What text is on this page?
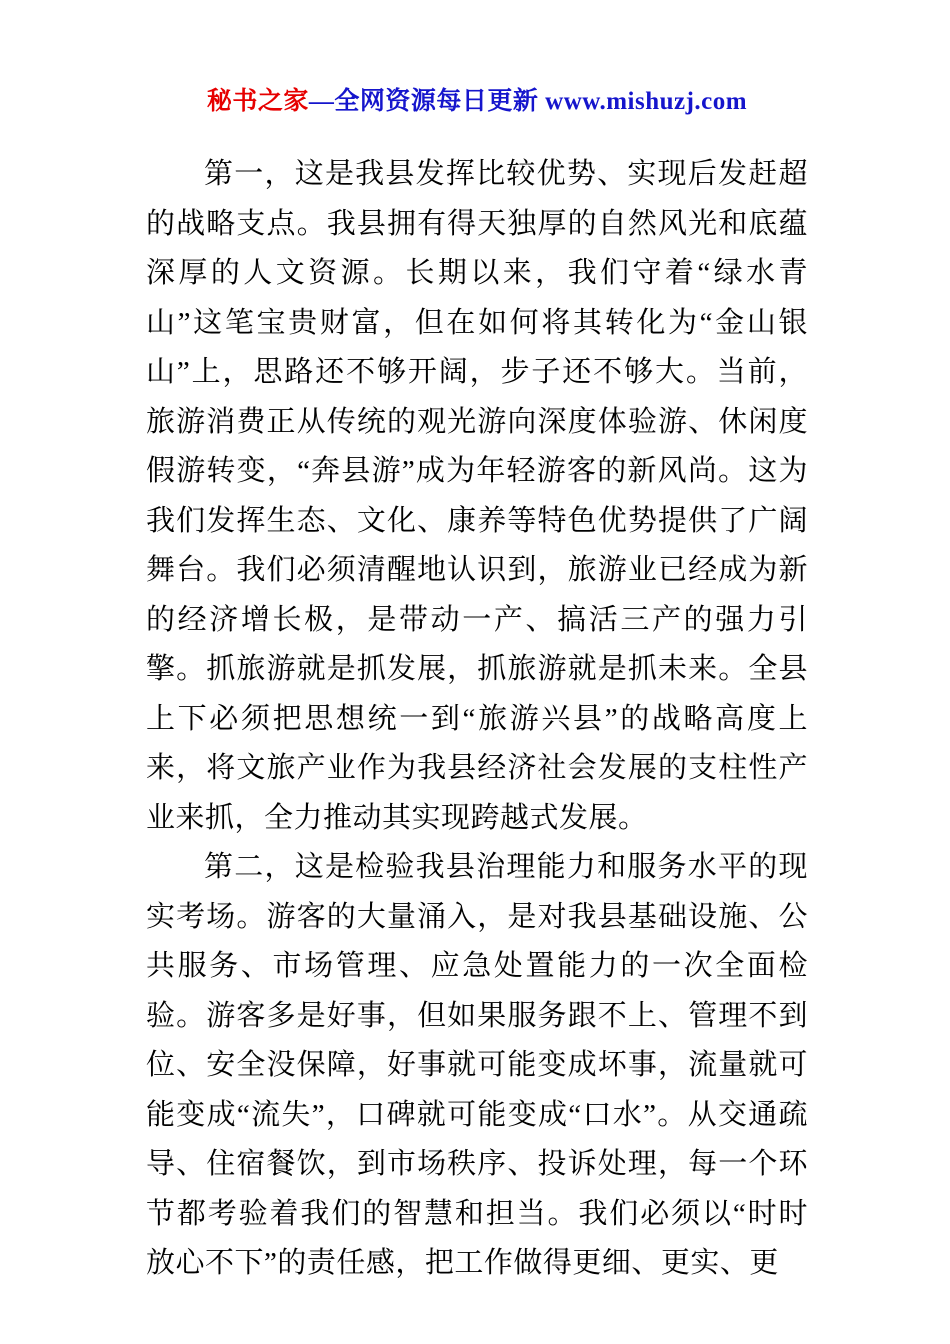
秘书之家—全网资源每日更新 www.mishuzj.com

第一，这是我县发挥比较优势、实现后发赶超的战略支点。我县拥有得天独厚的自然风光和底蕴深厚的人文资源。长期以来，我们守着“绿水青山”这笔宝贵财富，但在如何将其转化为“金山银山”上，思路还不够开阔，步子还不够大。当前，旅游消费正从传统的观光游向深度体验游、休闲度假游转变，“奔县游”成为年轻游客的新风尚。这为我们发挥生态、文化、康养等特色优势提供了广阔舞台。我们必须清醒地认识到，旅游业已经成为新的经济增长极，是带动一产、搞活三产的强力引擎。抓旅游就是抓发展，抓旅游就是抓未来。全县上下必须把思想统一到“旅游兴县”的战略高度上来，将文旅产业作为我县经济社会发展的支柱性产业来抓，全力推动其实现跨越式发展。

第二，这是检验我县治理能力和服务水平的现实考场。游客的大量涌入，是对我县基础设施、公共服务、市场管理、应急处置能力的一次全面检验。游客多是好事，但如果服务跟不上、管理不到位、安全没保障，好事就可能变成坏事，流量就可能变成“流失”，口碑就可能变成“口水”。从交通疏导、住宿餐饮，到市场秩序、投诉处理，每一个环节都考验着我们的智慧和担当。我们必须以“时时放心不下”的责任感，把工作做得更细、更实、更
